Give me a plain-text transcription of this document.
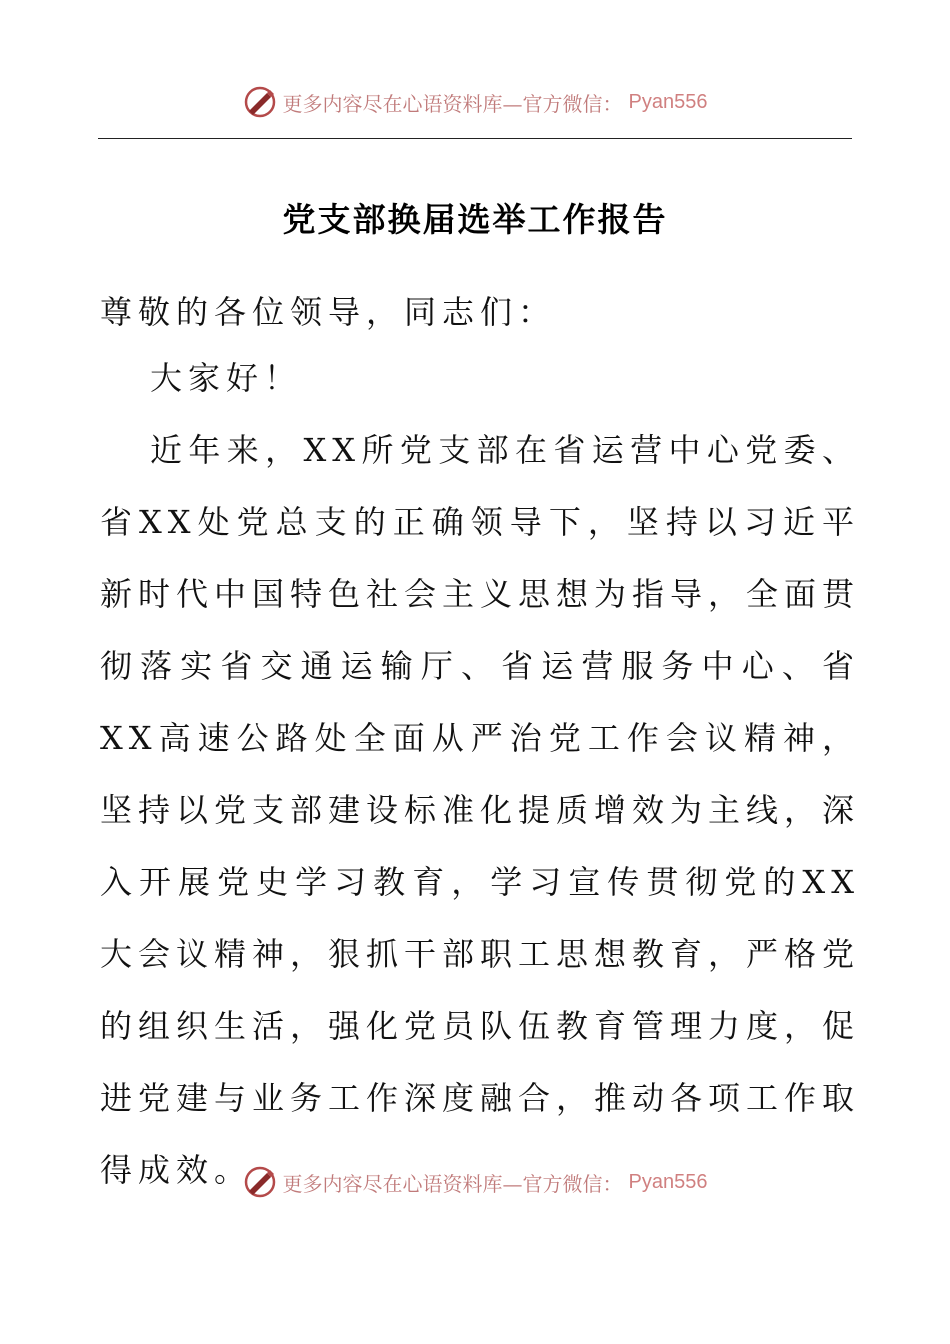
更多内容尽在心语资料库—官方微信： Pyan556
党支部换届选举工作报告
尊敬的各位领导，同志们：
大家好！

近年来，XX所党支部在省运营中心党委、省XX处党总支的正确领导下，坚持以习近平新时代中国特色社会主义思想为指导，全面贯彻落实省交通运输厅、省运营服务中心、省XX高速公路处全面从严治党工作会议精神，坚持以党支部建设标准化提质增效为主线，深入开展党史学习教育，学习宣传贯彻党的XX大会议精神，狠抓干部职工思想教育，严格党的组织生活，强化党员队伍教育管理力度，促进党建与业务工作深度融合，推动各项工作取得成效。	更多内容尽在心语资料库—官方微信： Pyan556
